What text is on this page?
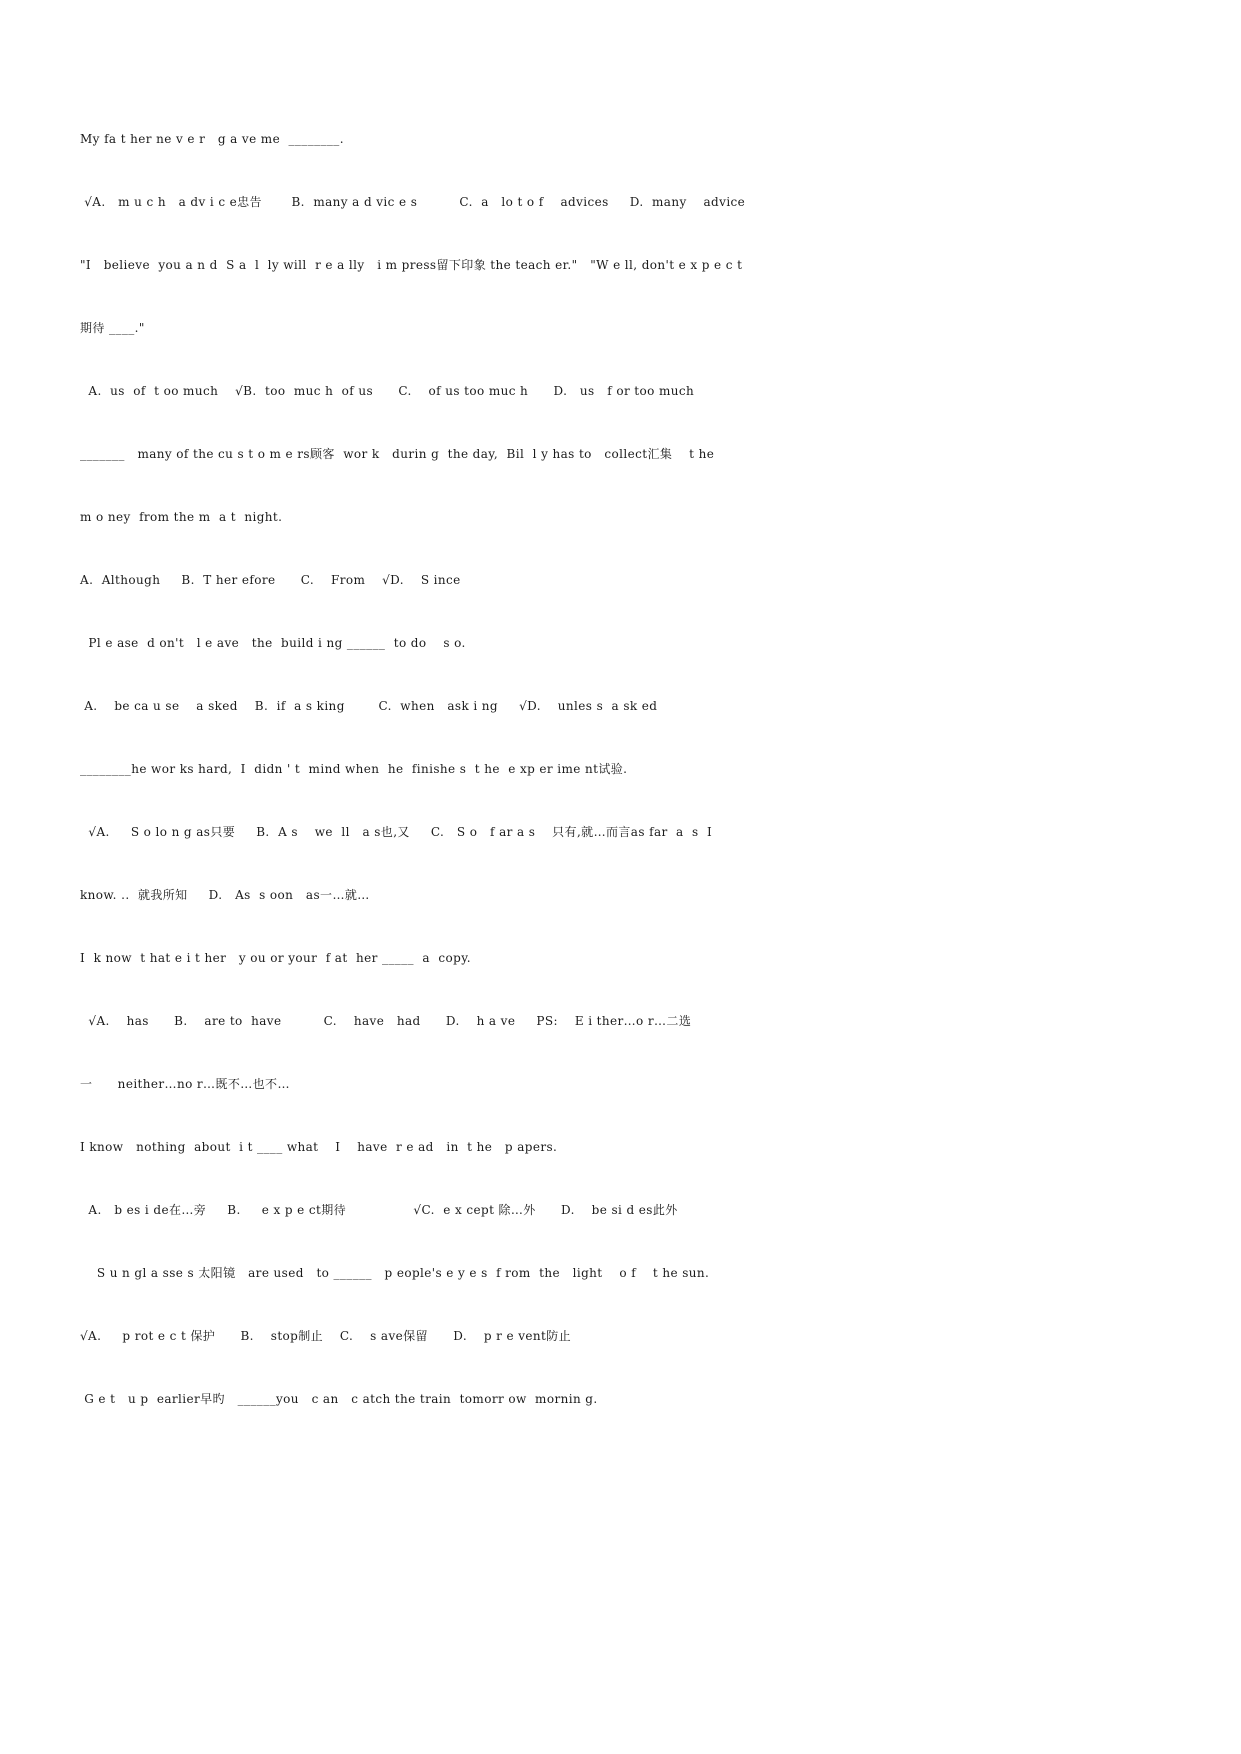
My fa t her ne v e r   g a ve me  ________.
√A.   m u c h   a dv i c e忠告       B.  many a d vic e s          C.  a   lo t o f    advices     D.  many    advice
"I   believe  you a n d  S a  l  ly will  r e a lly   i m press留下印象 the teach er."   "W e ll, don't e x p e c t
期待 ____."
A.  us  of  t oo much    √B.  too  muc h  of us      C.    of us too muc h      D.   us   f or too much
_______   many of the cu s t o m e rs顾客  wor k   durin g  the day,  Bil  l y has to   collect汇集    t he
m o ney  from the m  a t  night.
A.  Although     B.  T her efore      C.    From    √D.    S ince
Pl e ase  d on't   l e ave   the  build i ng ______  to do    s o.
A.    be ca u se    a sked    B.  if  a s king        C.  when   ask i ng     √D.    unles s  a sk ed
________he wor ks hard,  I  didn ' t  mind when  he  finishe s  t he  e xp er ime nt试验.
√A.     S o lo n g as只要     B.  A s    we  ll   a s也,又     C.   S o   f ar a s    只有,就…而言as far  a  s  I
know. ..  就我所知     D.   As  s oon   as一…就…
I  k now  t hat e i t her   y ou or your  f at  her _____  a  copy.
√A.    has      B.    are to  have          C.    have   had      D.    h a ve     PS:    E i ther…o r…二选
一      neither…no r…既不…也不…
I know   nothing  about  i t ____ what    I    have  r e ad   in  t he   p apers.
A.   b es i de在…旁     B.     e x p e ct期待                √C.  e x cept 除…外      D.    be si d es此外
S u n gl a sse s 太阳镜   are used   to ______   p eople's e y e s  f rom  the   light    o f    t he sun.
√A.     p rot e c t 保护      B.    stop制止    C.    s ave保留      D.    p r e vent防止
G e t   u p  earlier早旳   ______you   c an   c atch the train  tomorr ow  mornin g.
